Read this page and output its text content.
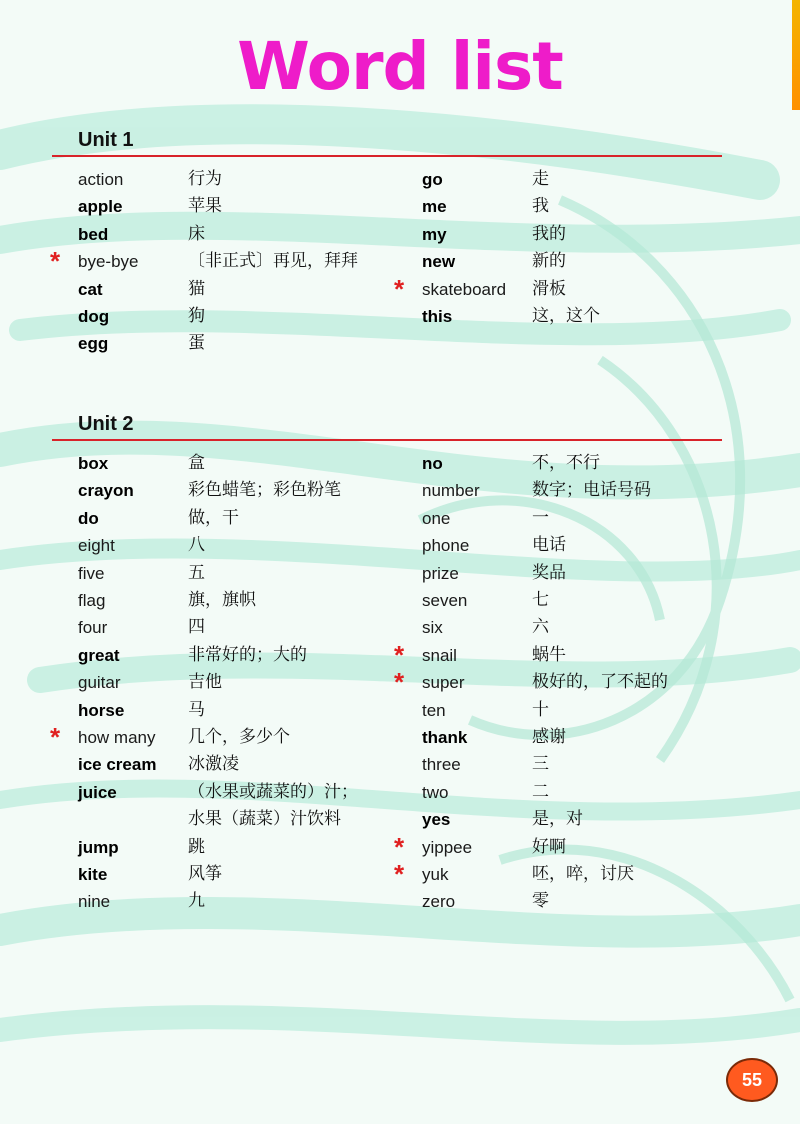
Word list
Unit 1
action	行为
apple	苹果
bed	床
* bye-bye	〔非正式〕再见，拜拜
cat	猫
dog	狗
egg	蛋
go	走
me	我
my	我的
new	新的
* skateboard 滑板
this	这，这个
Unit 2
box	盒
crayon	彩色蜡笔；彩色粉笔
do	做，干
eight	八
five	五
flag	旗，旗帜
four	四
great	非常好的；大的
guitar	吉他
horse	马
* how many 几个，多少个
ice cream 冰激凌
juice	（水果或蔬菜的）汁；
水果（蔬菜）汁饮料
jump	跳
kite	风筝
nine	九
no	不，不行
number	数字；电话号码
one	一
phone	电话
prize	奖品
seven	七
six	六
* snail	蜗牛
* super	极好的，了不起的
ten	十
thank	感谢
three	三
two	二
yes	是，对
* yippee	好啊
* yuk	呸，啐，讨厌
zero	零
55
